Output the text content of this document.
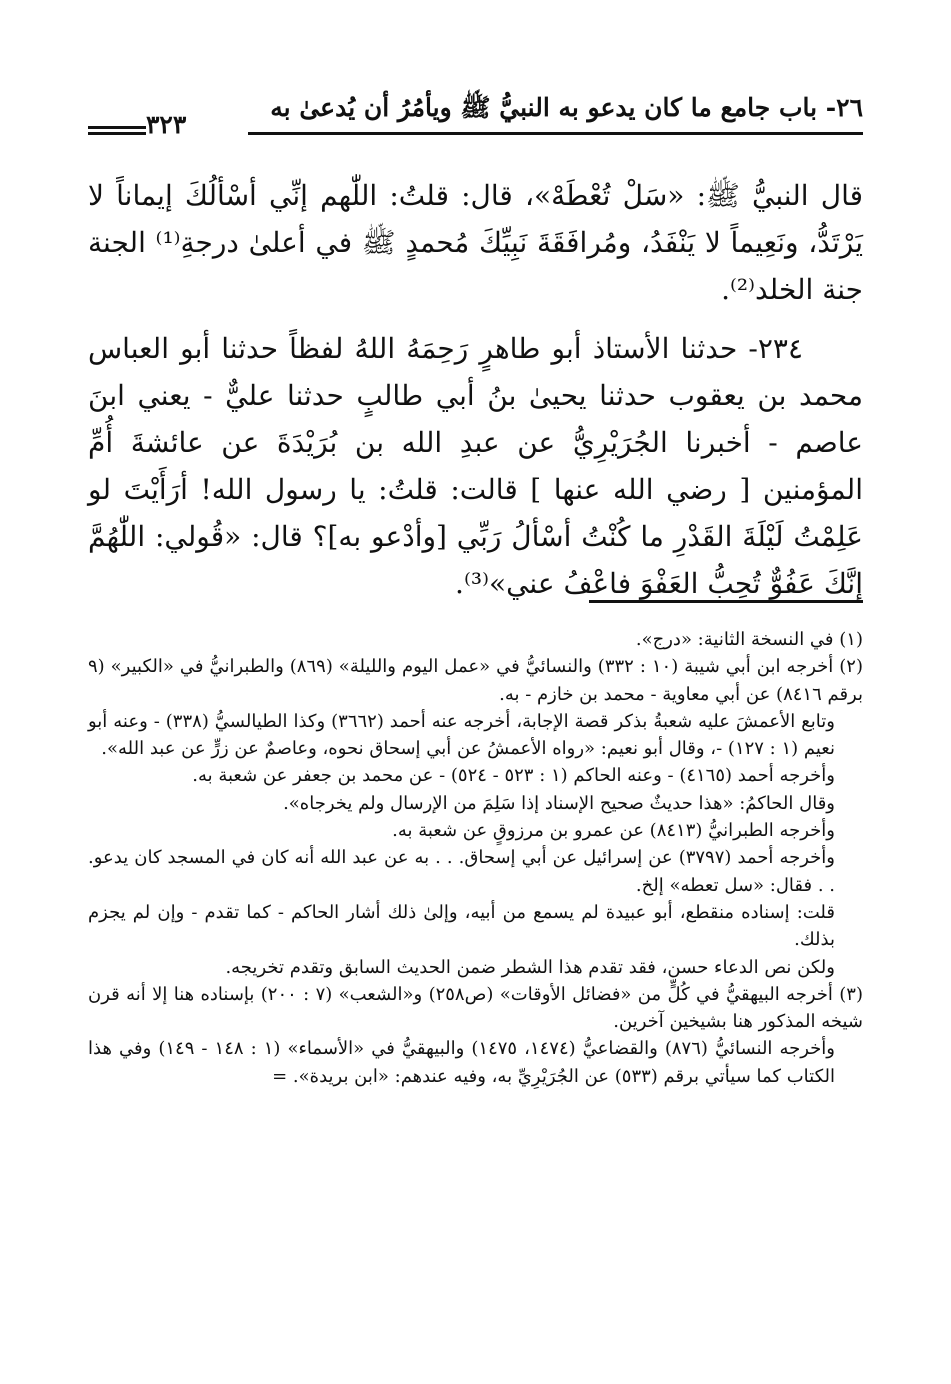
٢٦- باب جامع ما كان يدعو به النبيُّ ﷺ ويأمُرُ أن يُدعىٰ به
٣٢٣

قال النبيُّ ﷺ: «سَلْ تُعْطَهْ»، قال: قلتُ: اللّٰهم إنِّي أسْألُكَ إيماناً لا يَرْتَدُّ، ونَعِيماً لا يَنْفَدُ، ومُرافَقَةَ نَبِيِّكَ مُحمدٍ ﷺ في أعلىٰ درجةِ⁽¹⁾ الجنة جنة الخلد⁽²⁾.

٢٣٤- حدثنا الأستاذ أبو طاهرٍ رَحِمَهُ اللهُ لفظاً حدثنا أبو العباس محمد بن يعقوب حدثنا يحيىٰ بنُ أبي طالبٍ حدثنا عليٌّ - يعني ابنَ عاصم - أخبرنا الجُرَيْرِيُّ عن عبدِ الله بن بُرَيْدَةَ عن عائشةَ أُمِّ المؤمنين [ رضي الله عنها ] قالت: قلتُ: يا رسول الله! أرَأَيْتَ لو عَلِمْتُ لَيْلَةَ القَدْرِ ما كُنْتُ أسْألُ رَبِّي [وأدْعو به]؟ قال: «قُولي: اللّٰهُمَّ إنَّكَ عَفُوٌّ تُحِبُّ العَفْوَ فاعْفُ عني»⁽³⁾.

(١) في النسخة الثانية: «درج».

(٢) أخرجه ابن أبي شيبة (١٠ : ٣٣٢) والنسائيُّ في «عمل اليوم والليلة» (٨٦٩) والطبرانيُّ في «الكبير» (٩ برقم ٨٤١٦) عن أبي معاوية - محمد بن خازم - به.

وتابع الأعمشَ عليه شعبةُ بذكر قصة الإجابة، أخرجه عنه أحمد (٣٦٦٢) وكذا الطيالسيُّ (٣٣٨) - وعنه أبو نعيم (١ : ١٢٧) -، وقال أبو نعيم: «رواه الأعمشُ عن أبي إسحاق نحوه، وعاصمٌ عن زرٍّ عن عبد الله».

وأخرجه أحمد (٤١٦٥) - وعنه الحاكم (١ : ٥٢٣ - ٥٢٤) - عن محمد بن جعفر عن شعبة به.

وقال الحاكمُ: «هذا حديثٌ صحيح الإسناد إذا سَلِمَ من الإرسال ولم يخرجاه».

وأخرجه الطبرانيُّ (٨٤١٣) عن عمرو بن مرزوقٍ عن شعبة به.

وأخرجه أحمد (٣٧٩٧) عن إسرائيل عن أبي إسحاق. . . به عن عبد الله أنه كان في المسجد كان يدعو. . . فقال: «سل تعطه» إلخ.

قلت: إسناده منقطع، أبو عبيدة لم يسمع من أبيه، وإلىٰ ذلك أشار الحاكم - كما تقدم - وإن لم يجزم بذلك.

ولكن نص الدعاء حسن، فقد تقدم هذا الشطر ضمن الحديث السابق وتقدم تخريجه.

(٣) أخرجه البيهقيُّ في كُلٍّ من «فضائل الأوقات» (ص٢٥٨) و«الشعب» (٧ : ٢٠٠) بإسناده هنا إلا أنه قرن شيخه المذكور هنا بشيخين آخرين.

وأخرجه النسائيُّ (٨٧٦) والقضاعيُّ (١٤٧٤، ١٤٧٥) والبيهقيُّ في «الأسماء» (١ : ١٤٨ - ١٤٩) وفي هذا الكتاب كما سيأتي برقم (٥٣٣) عن الجُرَيْرِيِّ به، وفيه عندهم: «ابن بريدة». =
